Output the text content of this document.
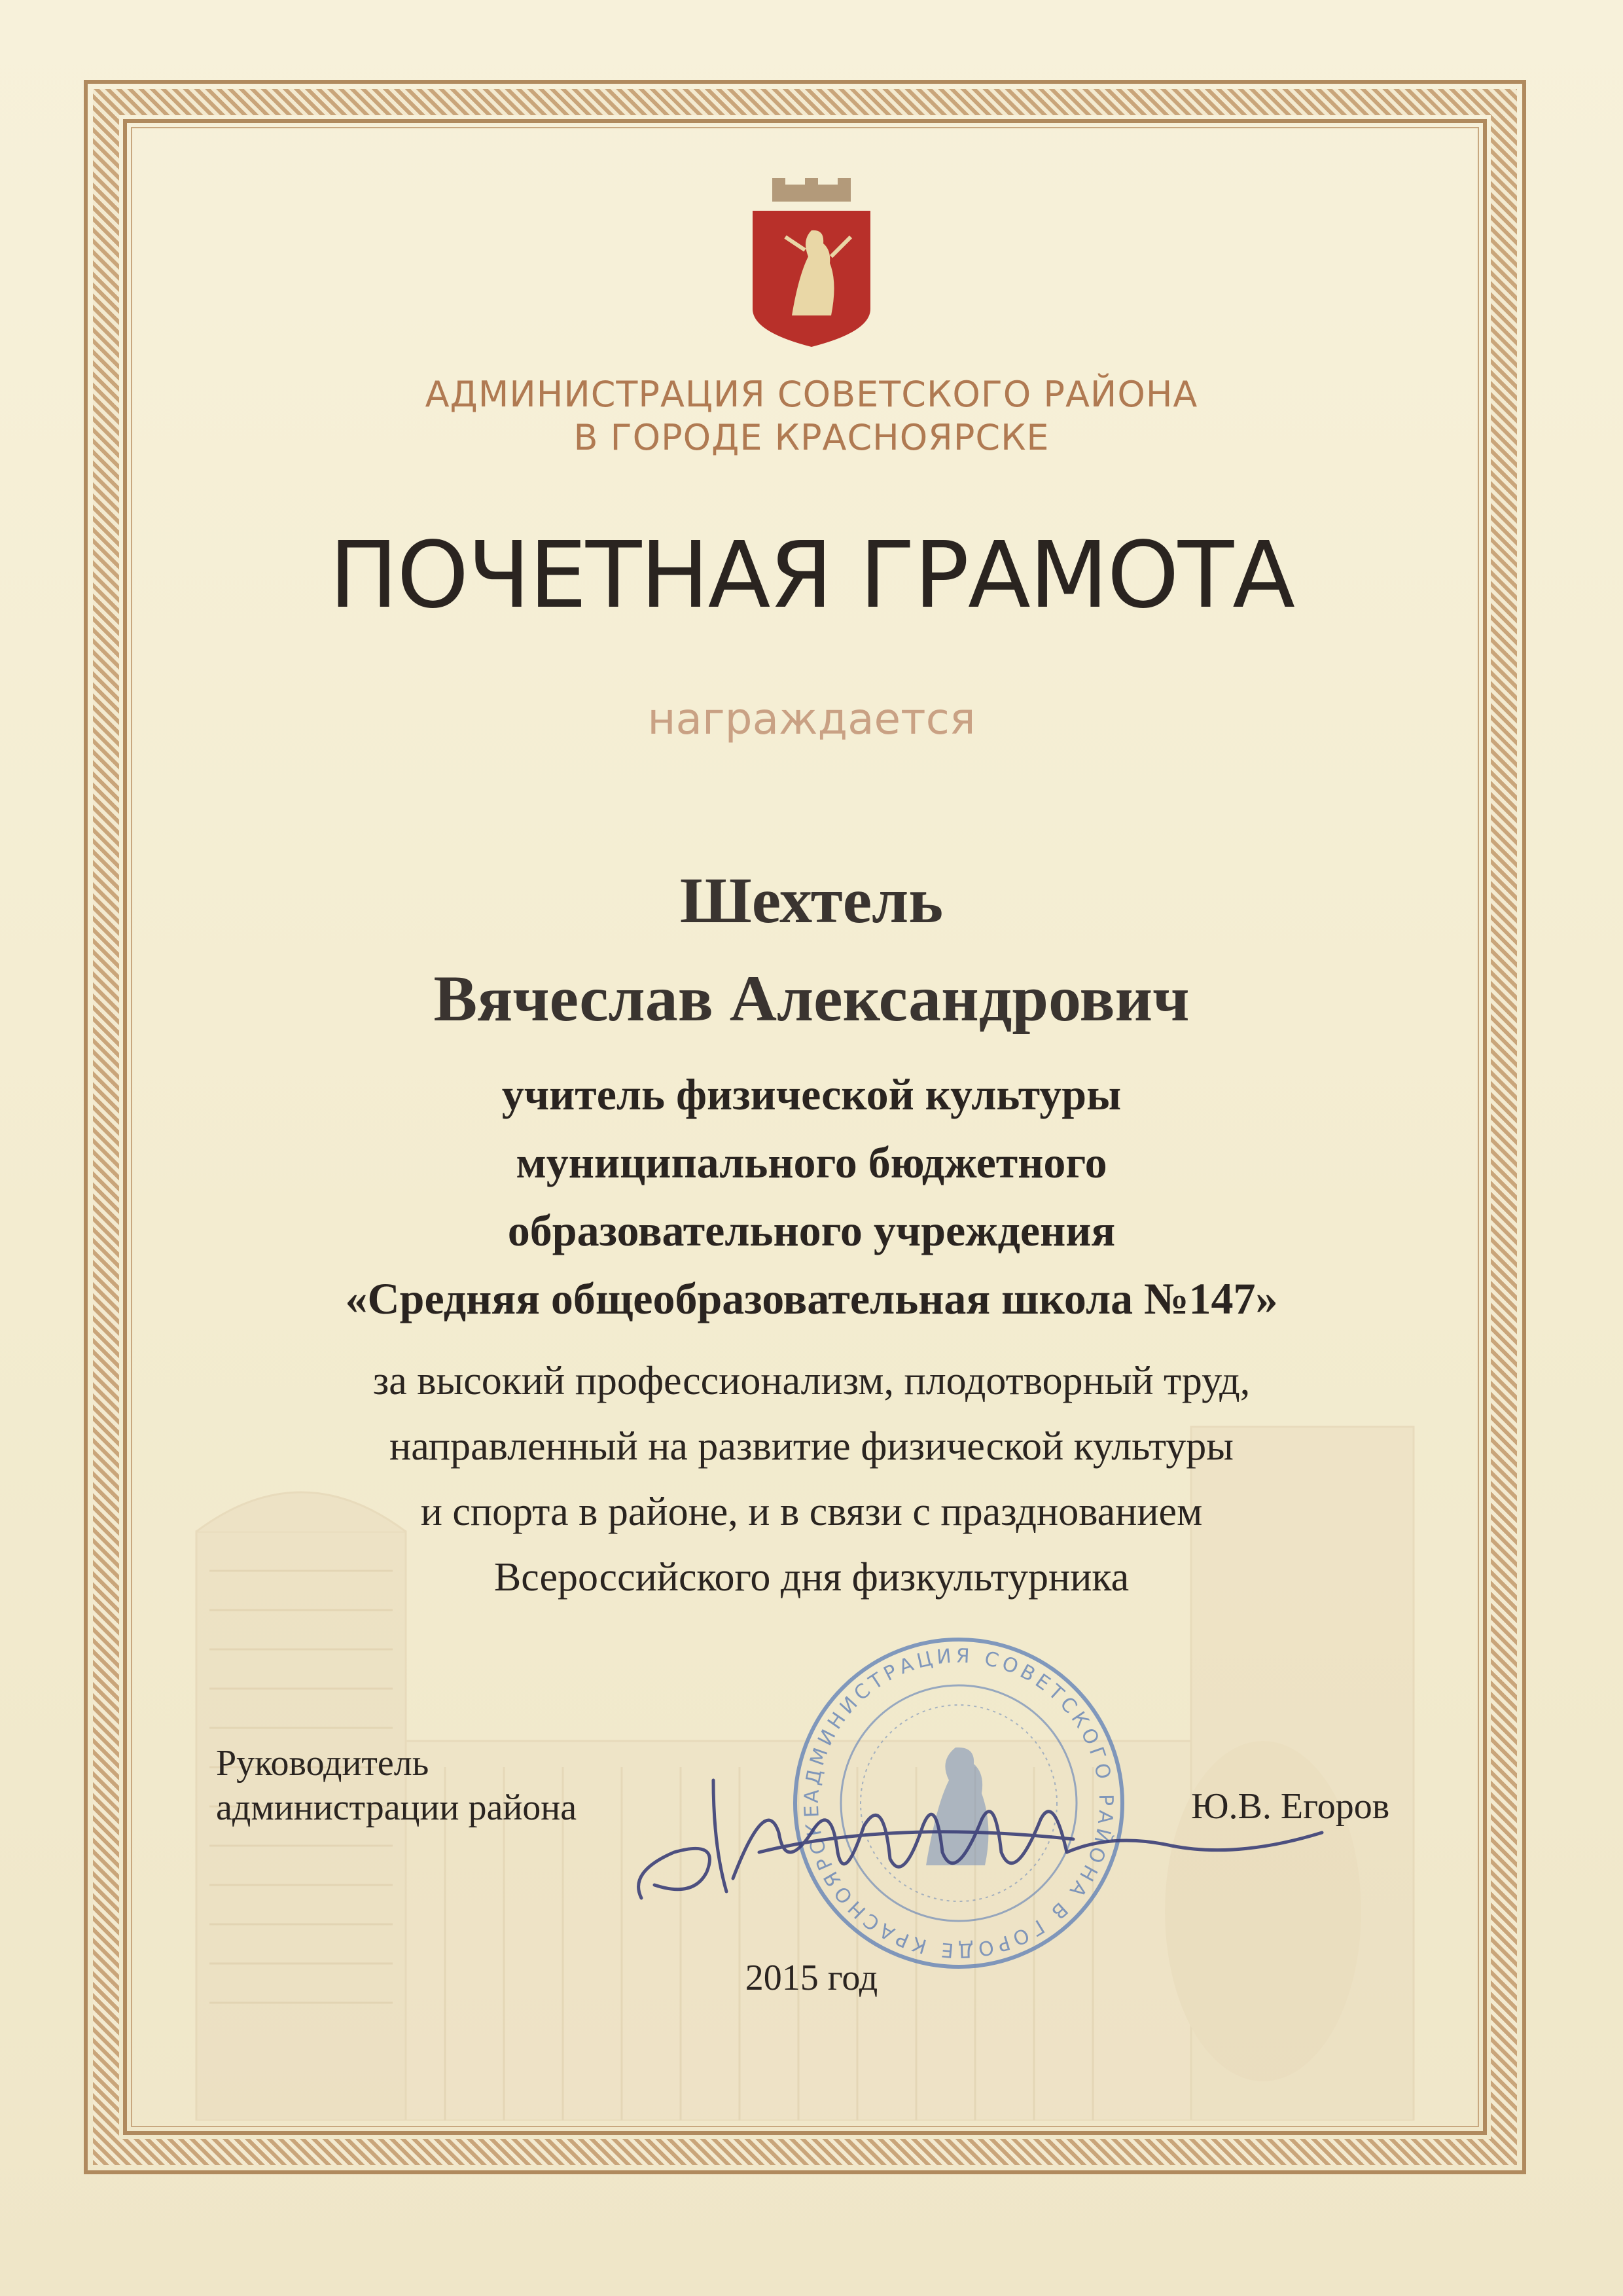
АДМИНИСТРАЦИЯ СОВЕТСКОГО РАЙОНА
В ГОРОДЕ КРАСНОЯРСКЕ
ПОЧЕТНАЯ ГРАМОТА
награждается
Шехтель
Вячеслав Александрович
учитель физической культуры
муниципального бюджетного
образовательного учреждения
«Средняя общеобразовательная школа №147»
за высокий профессионализм, плодотворный труд,
направленный на развитие физической культуры
и спорта в районе, и в связи с празднованием
Всероссийского дня физкультурника
Руководитель
администрации района	АДМИНИСТРАЦИЯ СОВЕТСКОГО РАЙОНА В ГОРОДЕ КРАСНОЯРСКЕ	Ю.В. Егоров
2015 год
